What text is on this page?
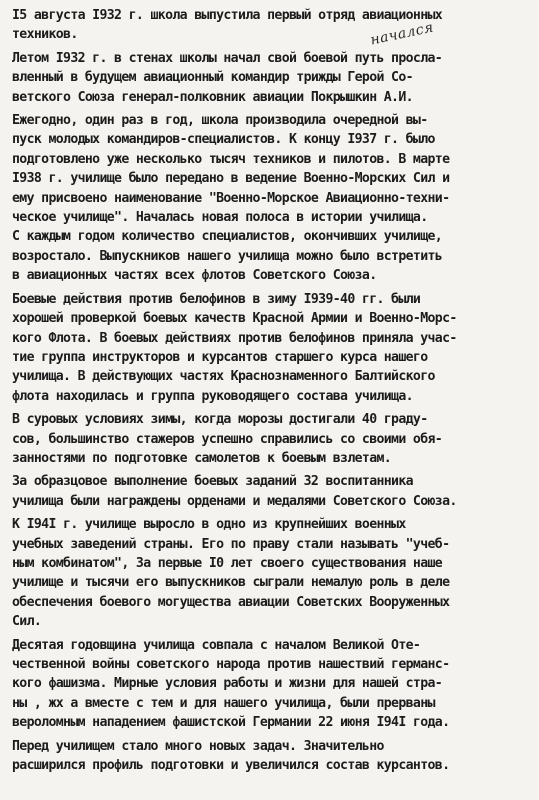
I5 августа I932 г. школа выпустила первый отряд авиационных
техников.
Летом I932 г. в стенах школы начал свой боевой путь просла-
вленный в будущем авиационный командир трижды Герой Со-
ветского Союза генерал-полковник авиации Покрышкин А.И.
Ежегодно, один раз в год, школа производила очередной вы-
пуск молодых командиров-специалистов. К концу I937 г. было
подготовлено уже несколько тысяч техников и пилотов. В марте
I938 г. училище было передано в ведение Военно-Морских Сил и
ему присвоено наименование "Военно-Морское Авиационно-техни-
ческое училище". Началась новая полоса в истории училища.
С каждым годом количество специалистов, окончивших училище,
возростало. Выпускников нашего училища можно было встретить
в авиационных частях всех флотов Советского Союза.
Боевые действия против белофинов в зиму I939-40 гг. были
хорошей проверкой боевых качеств Красной Армии и Военно-Морс-
кого Флота. В боевых действиях против белофинов приняла учас-
тие группа инструкторов и курсантов старшего курса нашего
училища. В действующих частях Краснознаменного Балтийского
флота находилась и группа руководящего состава училища.
В суровых условиях зимы, когда морозы достигали 40 граду-
сов, большинство стажеров успешно справились со своими обя-
занностями по подготовке самолетов к боевым взлетам.
За образцовое выполнение боевых заданий 32 воспитанника
училища были награждены орденами и медалями Советского Союза.
К I94I г. училище выросло в одно из крупнейших военных
учебных заведений страны. Его по праву стали называть "учеб-
ным комбинатом", За первые I0 лет своего существования наше
училище и тысячи его выпускников сыграли немалую роль в деле
обеспечения боевого могущества авиации Советских Вооруженных
Сил.
Десятая годовщина училища совпала с началом Великой Оте-
чественной войны советского народа против нашествий германс-
кого фашизма. Мирные условия работы и жизни для нашей стра-
ны , жх а вместе с тем и для нашего училища, были прерваны
вероломным нападением фашистской Германии 22 июня I94I года.
Перед училищем стало много новых задач. Значительно
расширился профиль подготовки и увеличился состав курсантов.
начался
